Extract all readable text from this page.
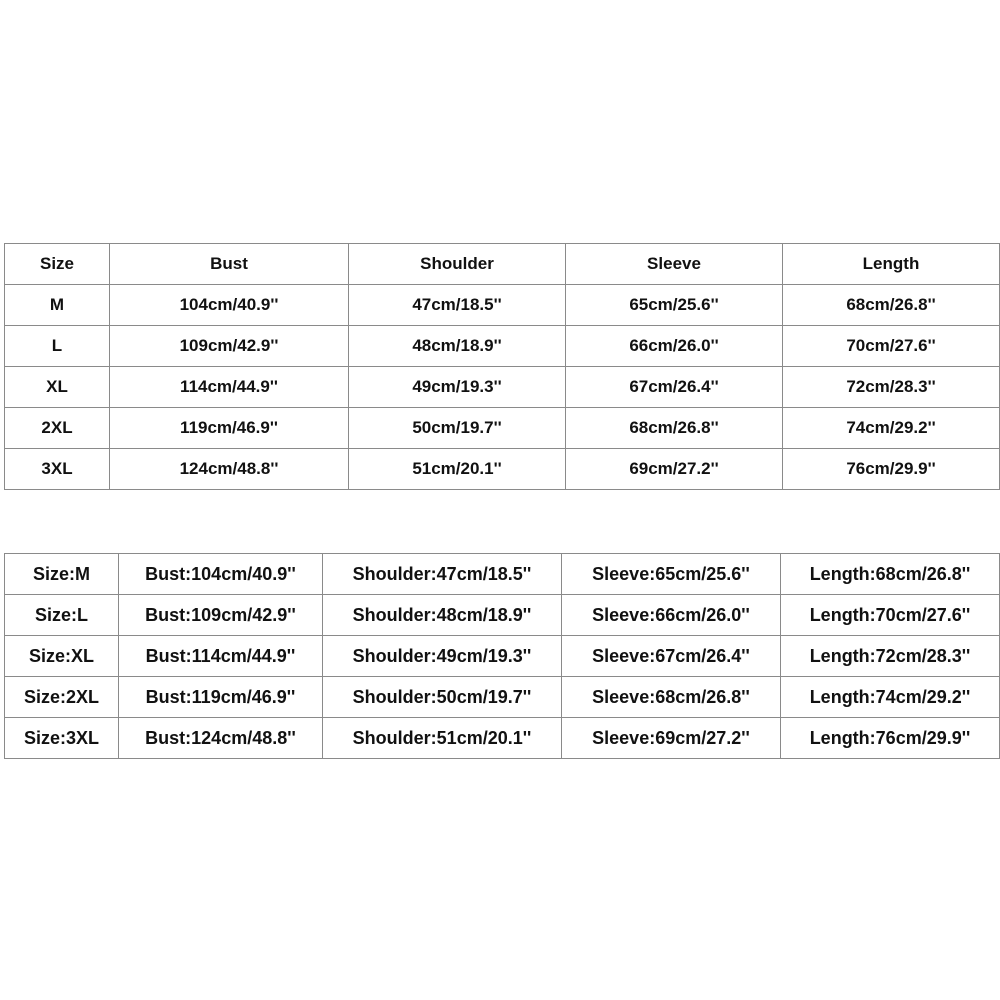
Size	Bust	Shoulder	Sleeve	Length
M	104cm/40.9''	47cm/18.5''	65cm/25.6''	68cm/26.8''
L	109cm/42.9''	48cm/18.9''	66cm/26.0''	70cm/27.6''
XL	114cm/44.9''	49cm/19.3''	67cm/26.4''	72cm/28.3''
2XL	119cm/46.9''	50cm/19.7''	68cm/26.8''	74cm/29.2''
3XL	124cm/48.8''	51cm/20.1''	69cm/27.2''	76cm/29.9''
Size:M	Bust:104cm/40.9''	Shoulder:47cm/18.5''	Sleeve:65cm/25.6''	Length:68cm/26.8''
Size:L	Bust:109cm/42.9''	Shoulder:48cm/18.9''	Sleeve:66cm/26.0''	Length:70cm/27.6''
Size:XL	Bust:114cm/44.9''	Shoulder:49cm/19.3''	Sleeve:67cm/26.4''	Length:72cm/28.3''
Size:2XL	Bust:119cm/46.9''	Shoulder:50cm/19.7''	Sleeve:68cm/26.8''	Length:74cm/29.2''
Size:3XL	Bust:124cm/48.8''	Shoulder:51cm/20.1''	Sleeve:69cm/27.2''	Length:76cm/29.9''
